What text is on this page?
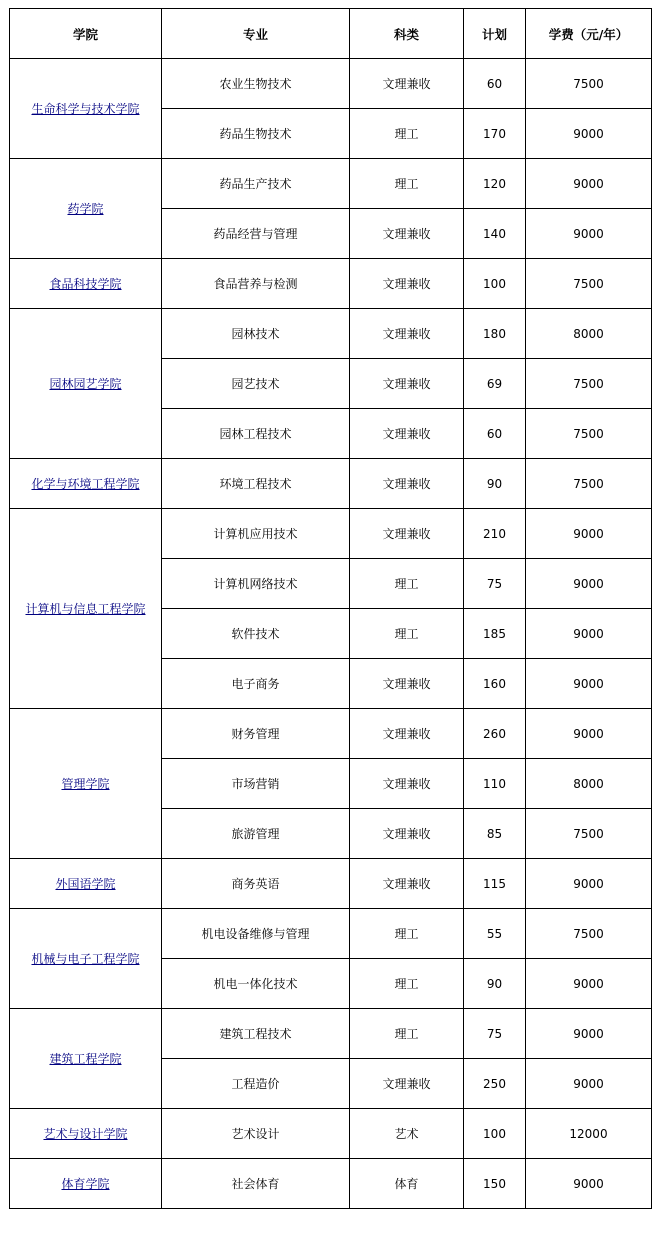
学院	专业	科类	计划	学费（元/年）
生命科学与技术学院	农业生物技术	文理兼收	60	7500
	药品生物技术	理工	170	9000
药学院	药品生产技术	理工	120	9000
	药品经营与管理	文理兼收	140	9000
食品科技学院	食品营养与检测	文理兼收	100	7500
园林园艺学院	园林技术	文理兼收	180	8000
	园艺技术	文理兼收	69	7500
	园林工程技术	文理兼收	60	7500
化学与环境工程学院	环境工程技术	文理兼收	90	7500
计算机与信息工程学院	计算机应用技术	文理兼收	210	9000
	计算机网络技术	理工	75	9000
	软件技术	理工	185	9000
	电子商务	文理兼收	160	9000
管理学院	财务管理	文理兼收	260	9000
	市场营销	文理兼收	110	8000
	旅游管理	文理兼收	85	7500
外国语学院	商务英语	文理兼收	115	9000
机械与电子工程学院	机电设备维修与管理	理工	55	7500
	机电一体化技术	理工	90	9000
建筑工程学院	建筑工程技术	理工	75	9000
	工程造价	文理兼收	250	9000
艺术与设计学院	艺术设计	艺术	100	12000
体育学院	社会体育	体育	150	9000
